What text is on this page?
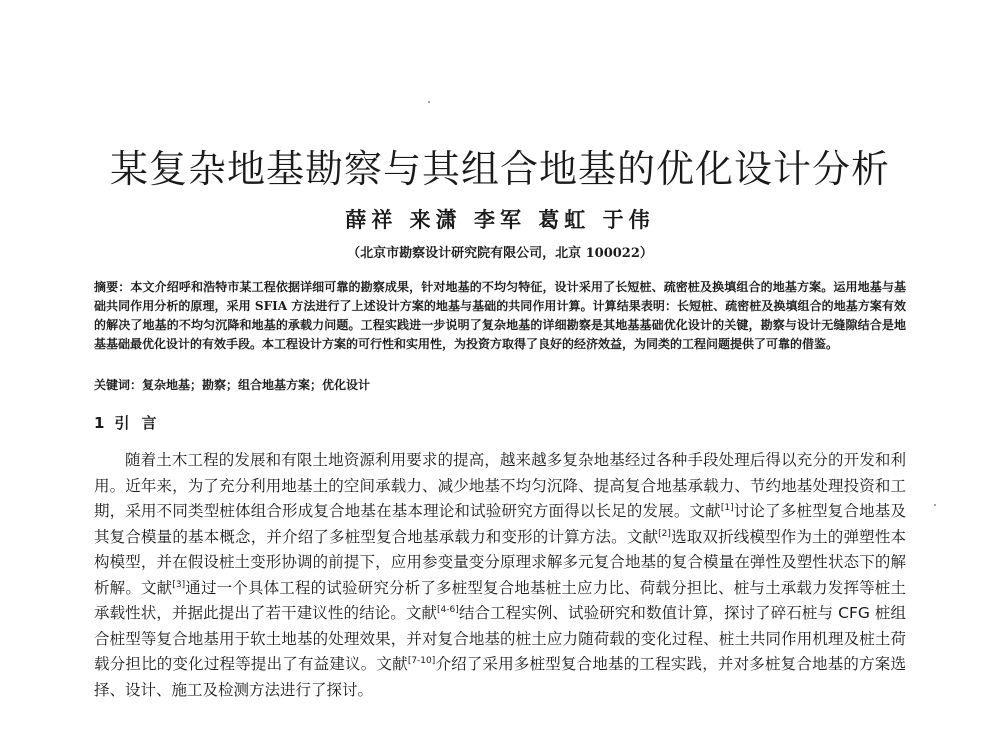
某复杂地基勘察与其组合地基的优化设计分析

薛祥 来潇 李军 葛虹 于伟

（北京市勘察设计研究院有限公司，北京 100022）

摘要：本文介绍呼和浩特市某工程依据详细可靠的勘察成果，针对地基的不均匀特征，设计采用了长短桩、疏密桩及换填组合的地基方案。运用地基与基础共同作用分析的原理，采用 SFIA 方法进行了上述设计方案的地基与基础的共同作用计算。计算结果表明：长短桩、疏密桩及换填组合的地基方案有效的解决了地基的不均匀沉降和地基的承载力问题。工程实践进一步说明了复杂地基的详细勘察是其地基基础优化设计的关键，勘察与设计无缝隙结合是地基基础最优化设计的有效手段。本工程设计方案的可行性和实用性，为投资方取得了良好的经济效益，为同类的工程问题提供了可靠的借鉴。

关键词：复杂地基；勘察；组合地基方案；优化设计

1 引言

随着土木工程的发展和有限土地资源利用要求的提高，越来越多复杂地基经过各种手段处理后得以充分的开发和利用。近年来，为了充分利用地基土的空间承载力、减少地基不均匀沉降、提高复合地基承载力、节约地基处理投资和工期，采用不同类型桩体组合形成复合地基在基本理论和试验研究方面得以长足的发展。文献[1]讨论了多桩型复合地基及其复合模量的基本概念，并介绍了多桩型复合地基承载力和变形的计算方法。文献[2]选取双折线模型作为土的弹塑性本构模型，并在假设桩土变形协调的前提下，应用参变量变分原理求解多元复合地基的复合模量在弹性及塑性状态下的解析解。文献[3]通过一个具体工程的试验研究分析了多桩型复合地基桩土应力比、荷载分担比、桩与土承载力发挥等桩土承载性状，并据此提出了若干建议性的结论。文献[4-6]结合工程实例、试验研究和数值计算，探讨了碎石桩与 CFG 桩组合桩型等复合地基用于软土地基的处理效果，并对复合地基的桩土应力随荷载的变化过程、桩土共同作用机理及桩土荷载分担比的变化过程等提出了有益建议。文献[7-10]介绍了采用多桩型复合地基的工程实践，并对多桩复合地基的方案选择、设计、施工及检测方法进行了探讨。
